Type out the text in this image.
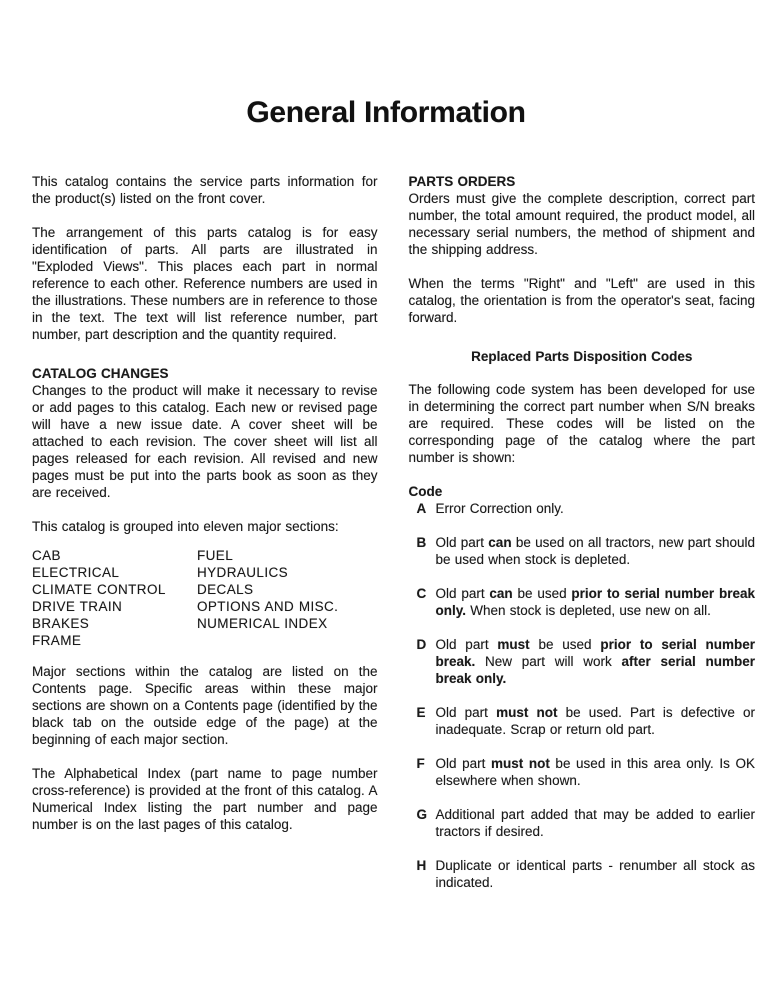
General Information

This catalog contains the service parts information for the product(s) listed on the front cover.

The arrangement of this parts catalog is for easy identification of parts. All parts are illustrated in "Exploded Views". This places each part in normal reference to each other. Reference numbers are used in the illustrations. These numbers are in reference to those in the text. The text will list reference number, part number, part description and the quantity required.

CATALOG CHANGES

Changes to the product will make it necessary to revise or add pages to this catalog. Each new or revised page will have a new issue date. A cover sheet will be attached to each revision. The cover sheet will list all pages released for each revision. All revised and new pages must be put into the parts book as soon as they are received.

This catalog is grouped into eleven major sections:

CAB
ELECTRICAL
CLIMATE CONTROL
DRIVE TRAIN
BRAKES
FRAME
FUEL
HYDRAULICS
DECALS
OPTIONS AND MISC.
NUMERICAL INDEX

Major sections within the catalog are listed on the Contents page. Specific areas within these major sections are shown on a Contents page (identified by the black tab on the outside edge of the page) at the beginning of each major section.

The Alphabetical Index (part name to page number cross-reference) is provided at the front of this catalog. A Numerical Index listing the part number and page number is on the last pages of this catalog.

PARTS ORDERS

Orders must give the complete description, correct part number, the total amount required, the product model, all necessary serial numbers, the method of shipment and the shipping address.

When the terms "Right" and "Left" are used in this catalog, the orientation is from the operator's seat, facing forward.

Replaced Parts Disposition Codes

The following code system has been developed for use in determining the correct part number when S/N breaks are required. These codes will be listed on the corresponding page of the catalog where the part number is shown:

Code
A Error Correction only.
B Old part can be used on all tractors, new part should be used when stock is depleted.
C Old part can be used prior to serial number break only. When stock is depleted, use new on all.
D Old part must be used prior to serial number break. New part will work after serial number break only.
E Old part must not be used. Part is defective or inadequate. Scrap or return old part.
F Old part must not be used in this area only. Is OK elsewhere when shown.
G Additional part added that may be added to earlier tractors if desired.
H Duplicate or identical parts - renumber all stock as indicated.
